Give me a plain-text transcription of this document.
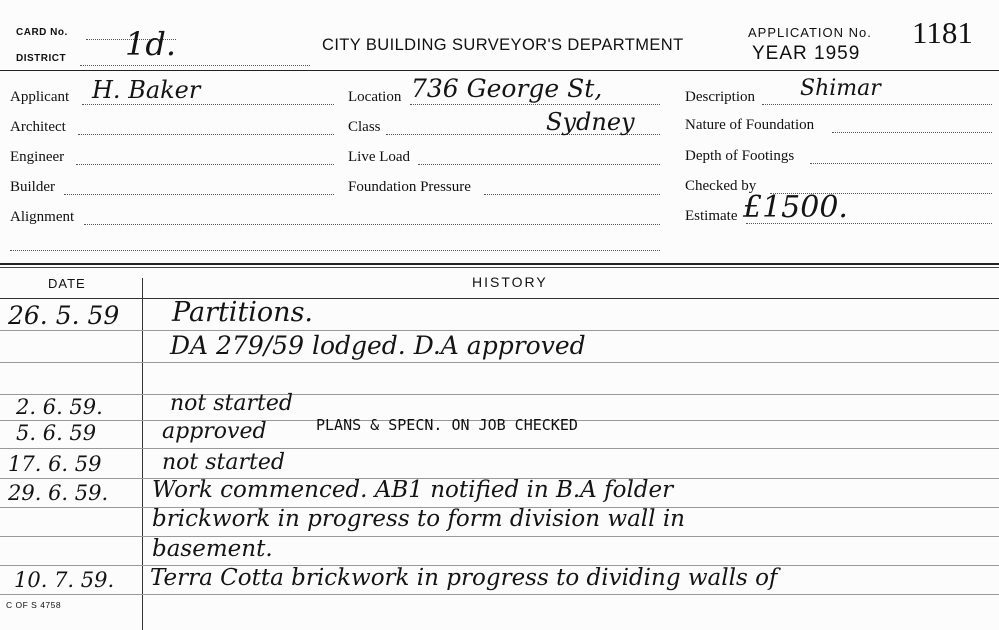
CARD No.
DISTRICT 1d.	CITY BUILDING SURVEYOR'S DEPARTMENT
APPLICATION No. 1181
YEAR 1959
Applicant H. Baker
Architect
Engineer
Builder
Alignment
Location 736 George St,
Class	Sydney
Live Load
Foundation Pressure
Description Shimar
Nature of Foundation
Depth of Footings
Checked by
Estimate £1500.
DATE	HISTORY
26. 5. 59 Partitions.
DA 279/59 lodged. D.A approved
2. 6. 59.	not started
5. 6. 59	approved	PLANS & SPECN. ON JOB CHECKED
17. 6. 59	not started
29. 6. 59. Work commenced. AB1 notified in B.A folder
brickwork in progress to form division wall in
basement.
10. 7. 59. Terra Cotta brickwork in progress to dividing walls of
C OF S 4758
